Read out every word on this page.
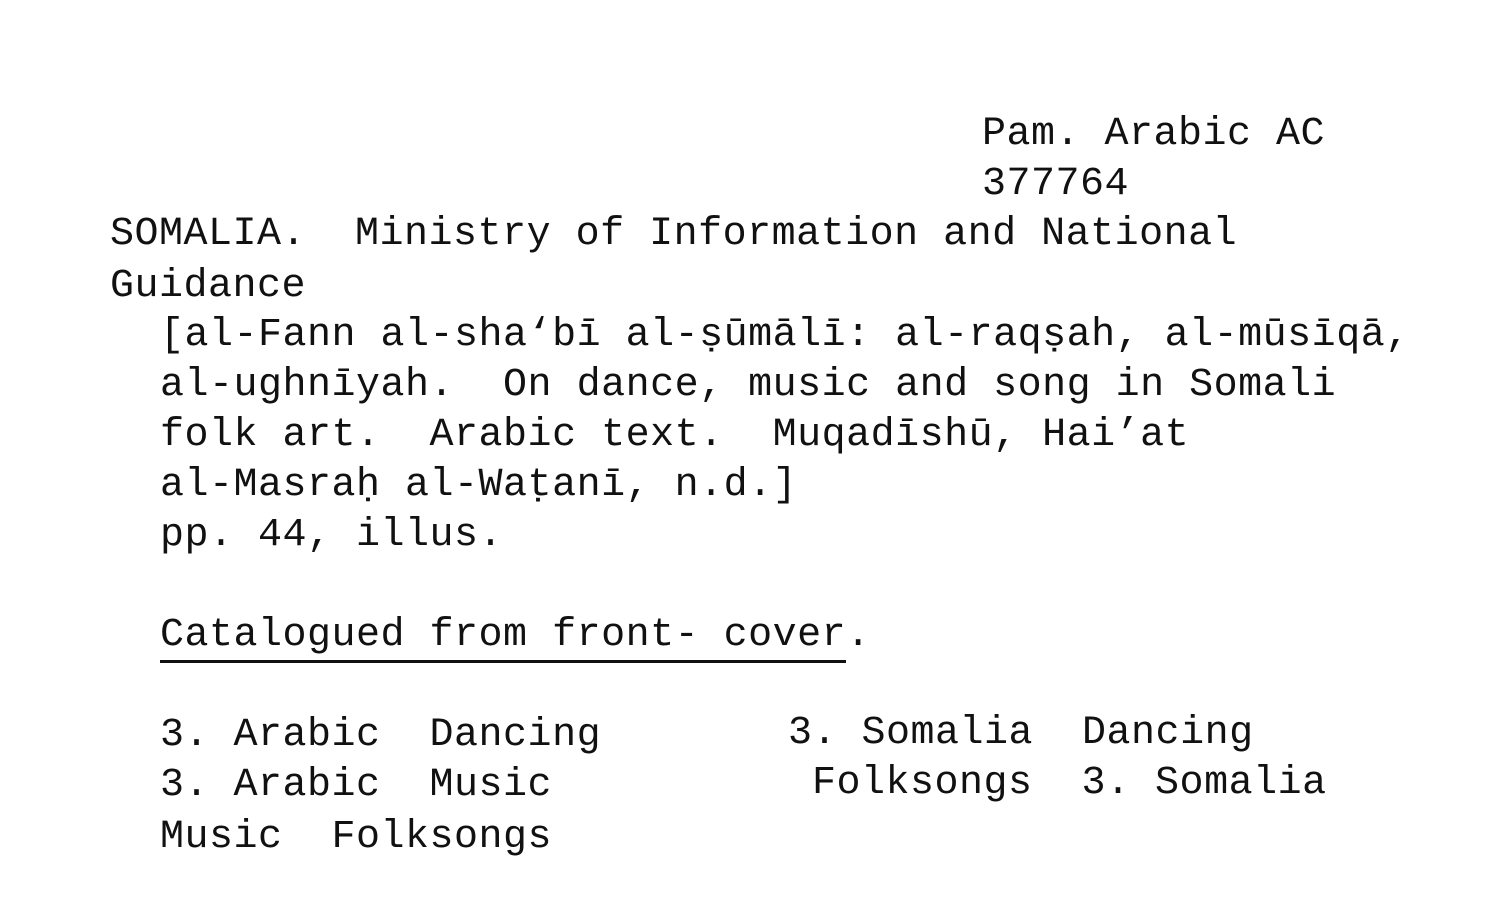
Pam. Arabic AC
377764
SOMALIA.  Ministry of Information and National
Guidance
[al-Fann al-sha‘bī al-ṣūmālī: al-raqṣah, al-mūsīqā,
al-ughnīyah.  On dance, music and song in Somali
folk art.  Arabic text.  Muqadīshū, Hai’at
al-Masraḥ al-Waṭanī, n.d.]
pp. 44, illus.
Catalogued from front- cover.
3. Arabic  Dancing	3. Somalia  Dancing
3. Arabic  Music	Folksongs  3. Somalia
Music  Folksongs
